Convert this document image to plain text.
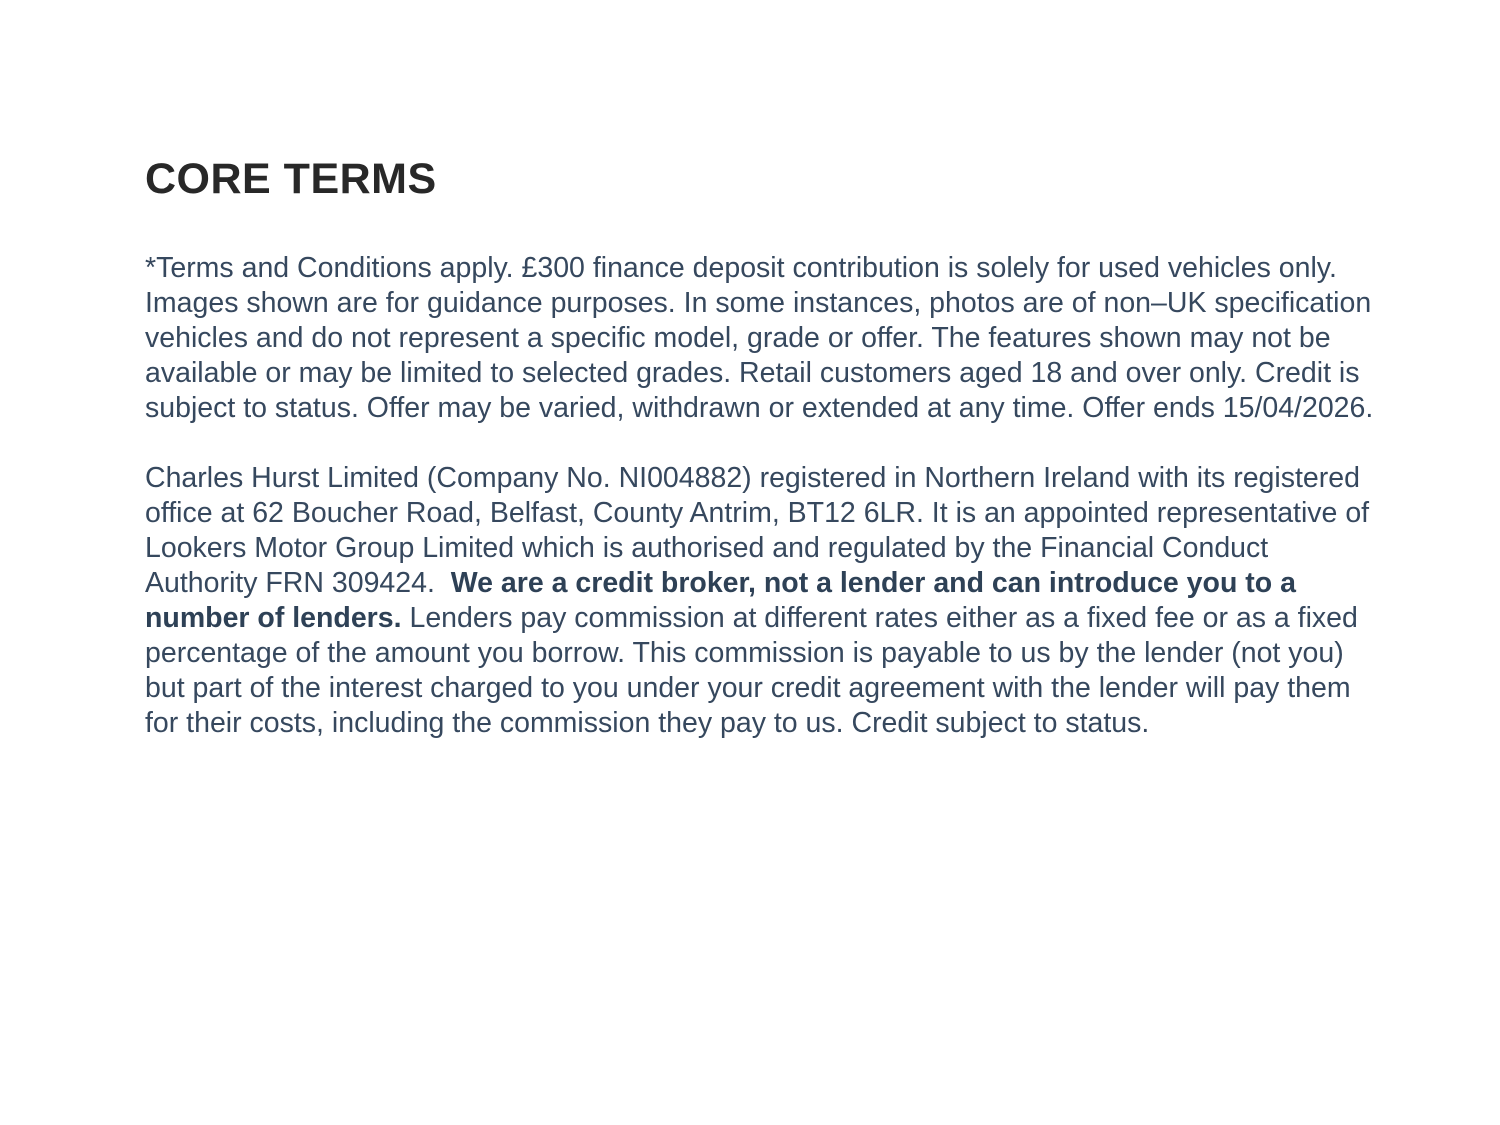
CORE TERMS

*Terms and Conditions apply. £300 finance deposit contribution is solely for used vehicles only. Images shown are for guidance purposes. In some instances, photos are of non–UK specification vehicles and do not represent a specific model, grade or offer. The features shown may not be available or may be limited to selected grades. Retail customers aged 18 and over only. Credit is subject to status. Offer may be varied, withdrawn or extended at any time. Offer ends 15/04/2026.

Charles Hurst Limited (Company No. NI004882) registered in Northern Ireland with its registered office at 62 Boucher Road, Belfast, County Antrim, BT12 6LR. It is an appointed representative of Lookers Motor Group Limited which is authorised and regulated by the Financial Conduct Authority FRN 309424.  We are a credit broker, not a lender and can introduce you to a number of lenders. Lenders pay commission at different rates either as a fixed fee or as a fixed percentage of the amount you borrow. This commission is payable to us by the lender (not you) but part of the interest charged to you under your credit agreement with the lender will pay them for their costs, including the commission they pay to us. Credit subject to status.
